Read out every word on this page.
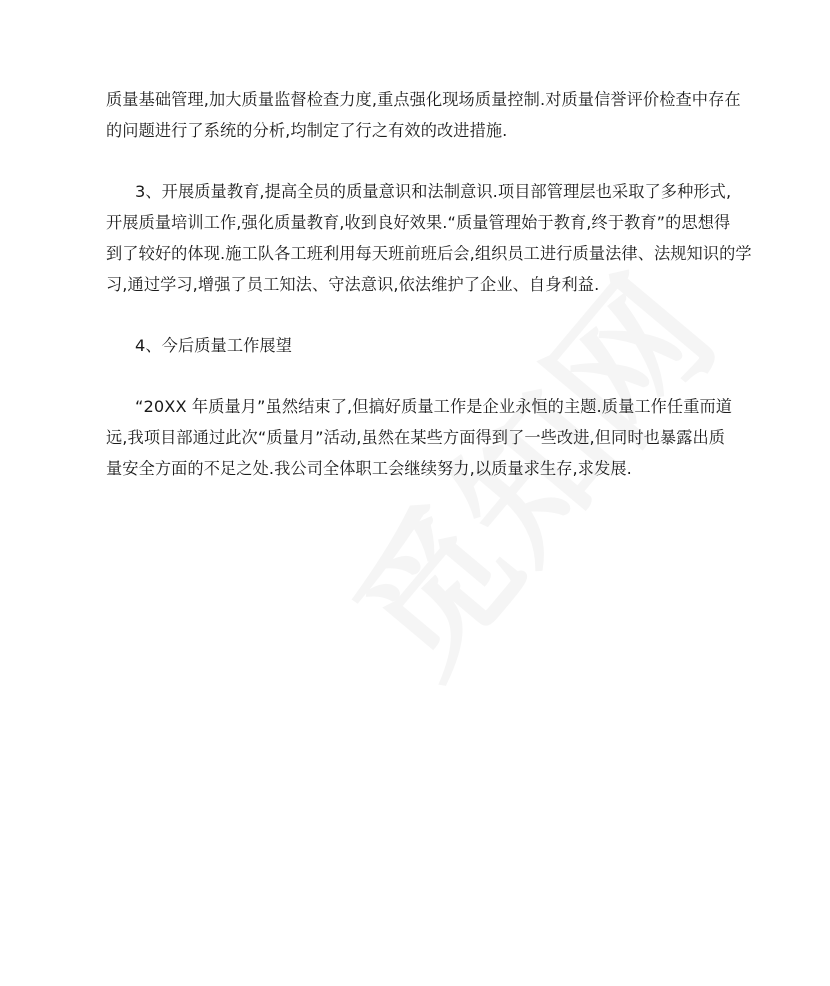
质量基础管理,加大质量监督检查力度,重点强化现场质量控制.对质量信誉评价检查中存在
的问题进行了系统的分析,均制定了行之有效的改进措施.
3、开展质量教育,提高全员的质量意识和法制意识.项目部管理层也采取了多种形式,
开展质量培训工作,强化质量教育,收到良好效果.“质量管理始于教育,终于教育”的思想得
到了较好的体现.施工队各工班利用每天班前班后会,组织员工进行质量法律、法规知识的学
习,通过学习,增强了员工知法、守法意识,依法维护了企业、自身利益.
4、今后质量工作展望
“20XX 年质量月”虽然结束了,但搞好质量工作是企业永恒的主题.质量工作任重而道
远,我项目部通过此次“质量月”活动,虽然在某些方面得到了一些改进,但同时也暴露出质
量安全方面的不足之处.我公司全体职工会继续努力,以质量求生存,求发展.
